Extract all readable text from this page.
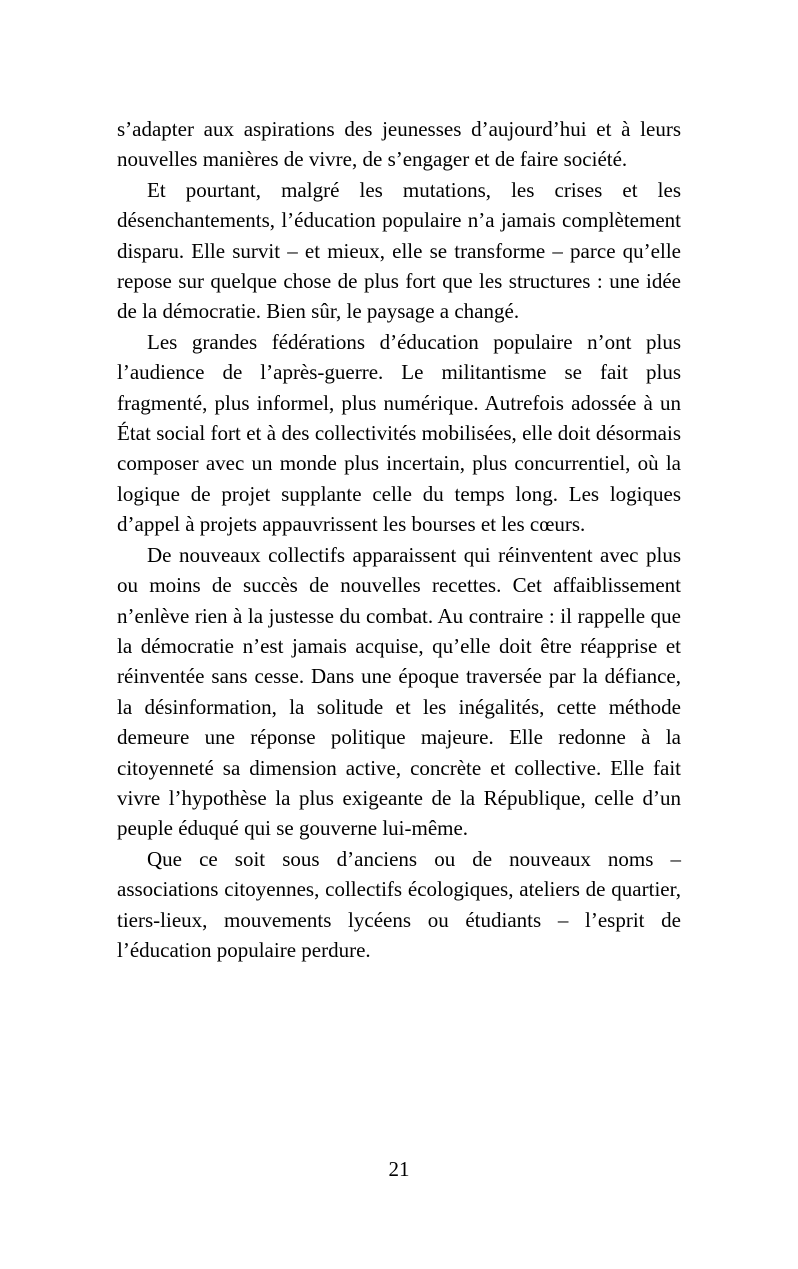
s’adapter aux aspirations des jeunesses d’aujourd’hui et à leurs nouvelles manières de vivre, de s’engager et de faire société.

Et pourtant, malgré les mutations, les crises et les désenchantements, l’éducation populaire n’a jamais complètement disparu. Elle survit – et mieux, elle se transforme – parce qu’elle repose sur quelque chose de plus fort que les structures : une idée de la démocratie. Bien sûr, le paysage a changé.

Les grandes fédérations d’éducation populaire n’ont plus l’audience de l’après-guerre. Le militantisme se fait plus fragmenté, plus informel, plus numérique. Autrefois adossée à un État social fort et à des collectivités mobilisées, elle doit désormais composer avec un monde plus incertain, plus concurrentiel, où la logique de projet supplante celle du temps long. Les logiques d’appel à projets appauvrissent les bourses et les cœurs.

De nouveaux collectifs apparaissent qui réinventent avec plus ou moins de succès de nouvelles recettes. Cet affaiblissement n’enlève rien à la justesse du combat. Au contraire : il rappelle que la démocratie n’est jamais acquise, qu’elle doit être réapprise et réinventée sans cesse. Dans une époque traversée par la défiance, la désinformation, la solitude et les inégalités, cette méthode demeure une réponse politique majeure. Elle redonne à la citoyenneté sa dimension active, concrète et collective. Elle fait vivre l’hypothèse la plus exigeante de la République, celle d’un peuple éduqué qui se gouverne lui-même.

Que ce soit sous d’anciens ou de nouveaux noms – associations citoyennes, collectifs écologiques, ateliers de quartier, tiers-lieux, mouvements lycéens ou étudiants – l’esprit de l’éducation populaire perdure.

21
